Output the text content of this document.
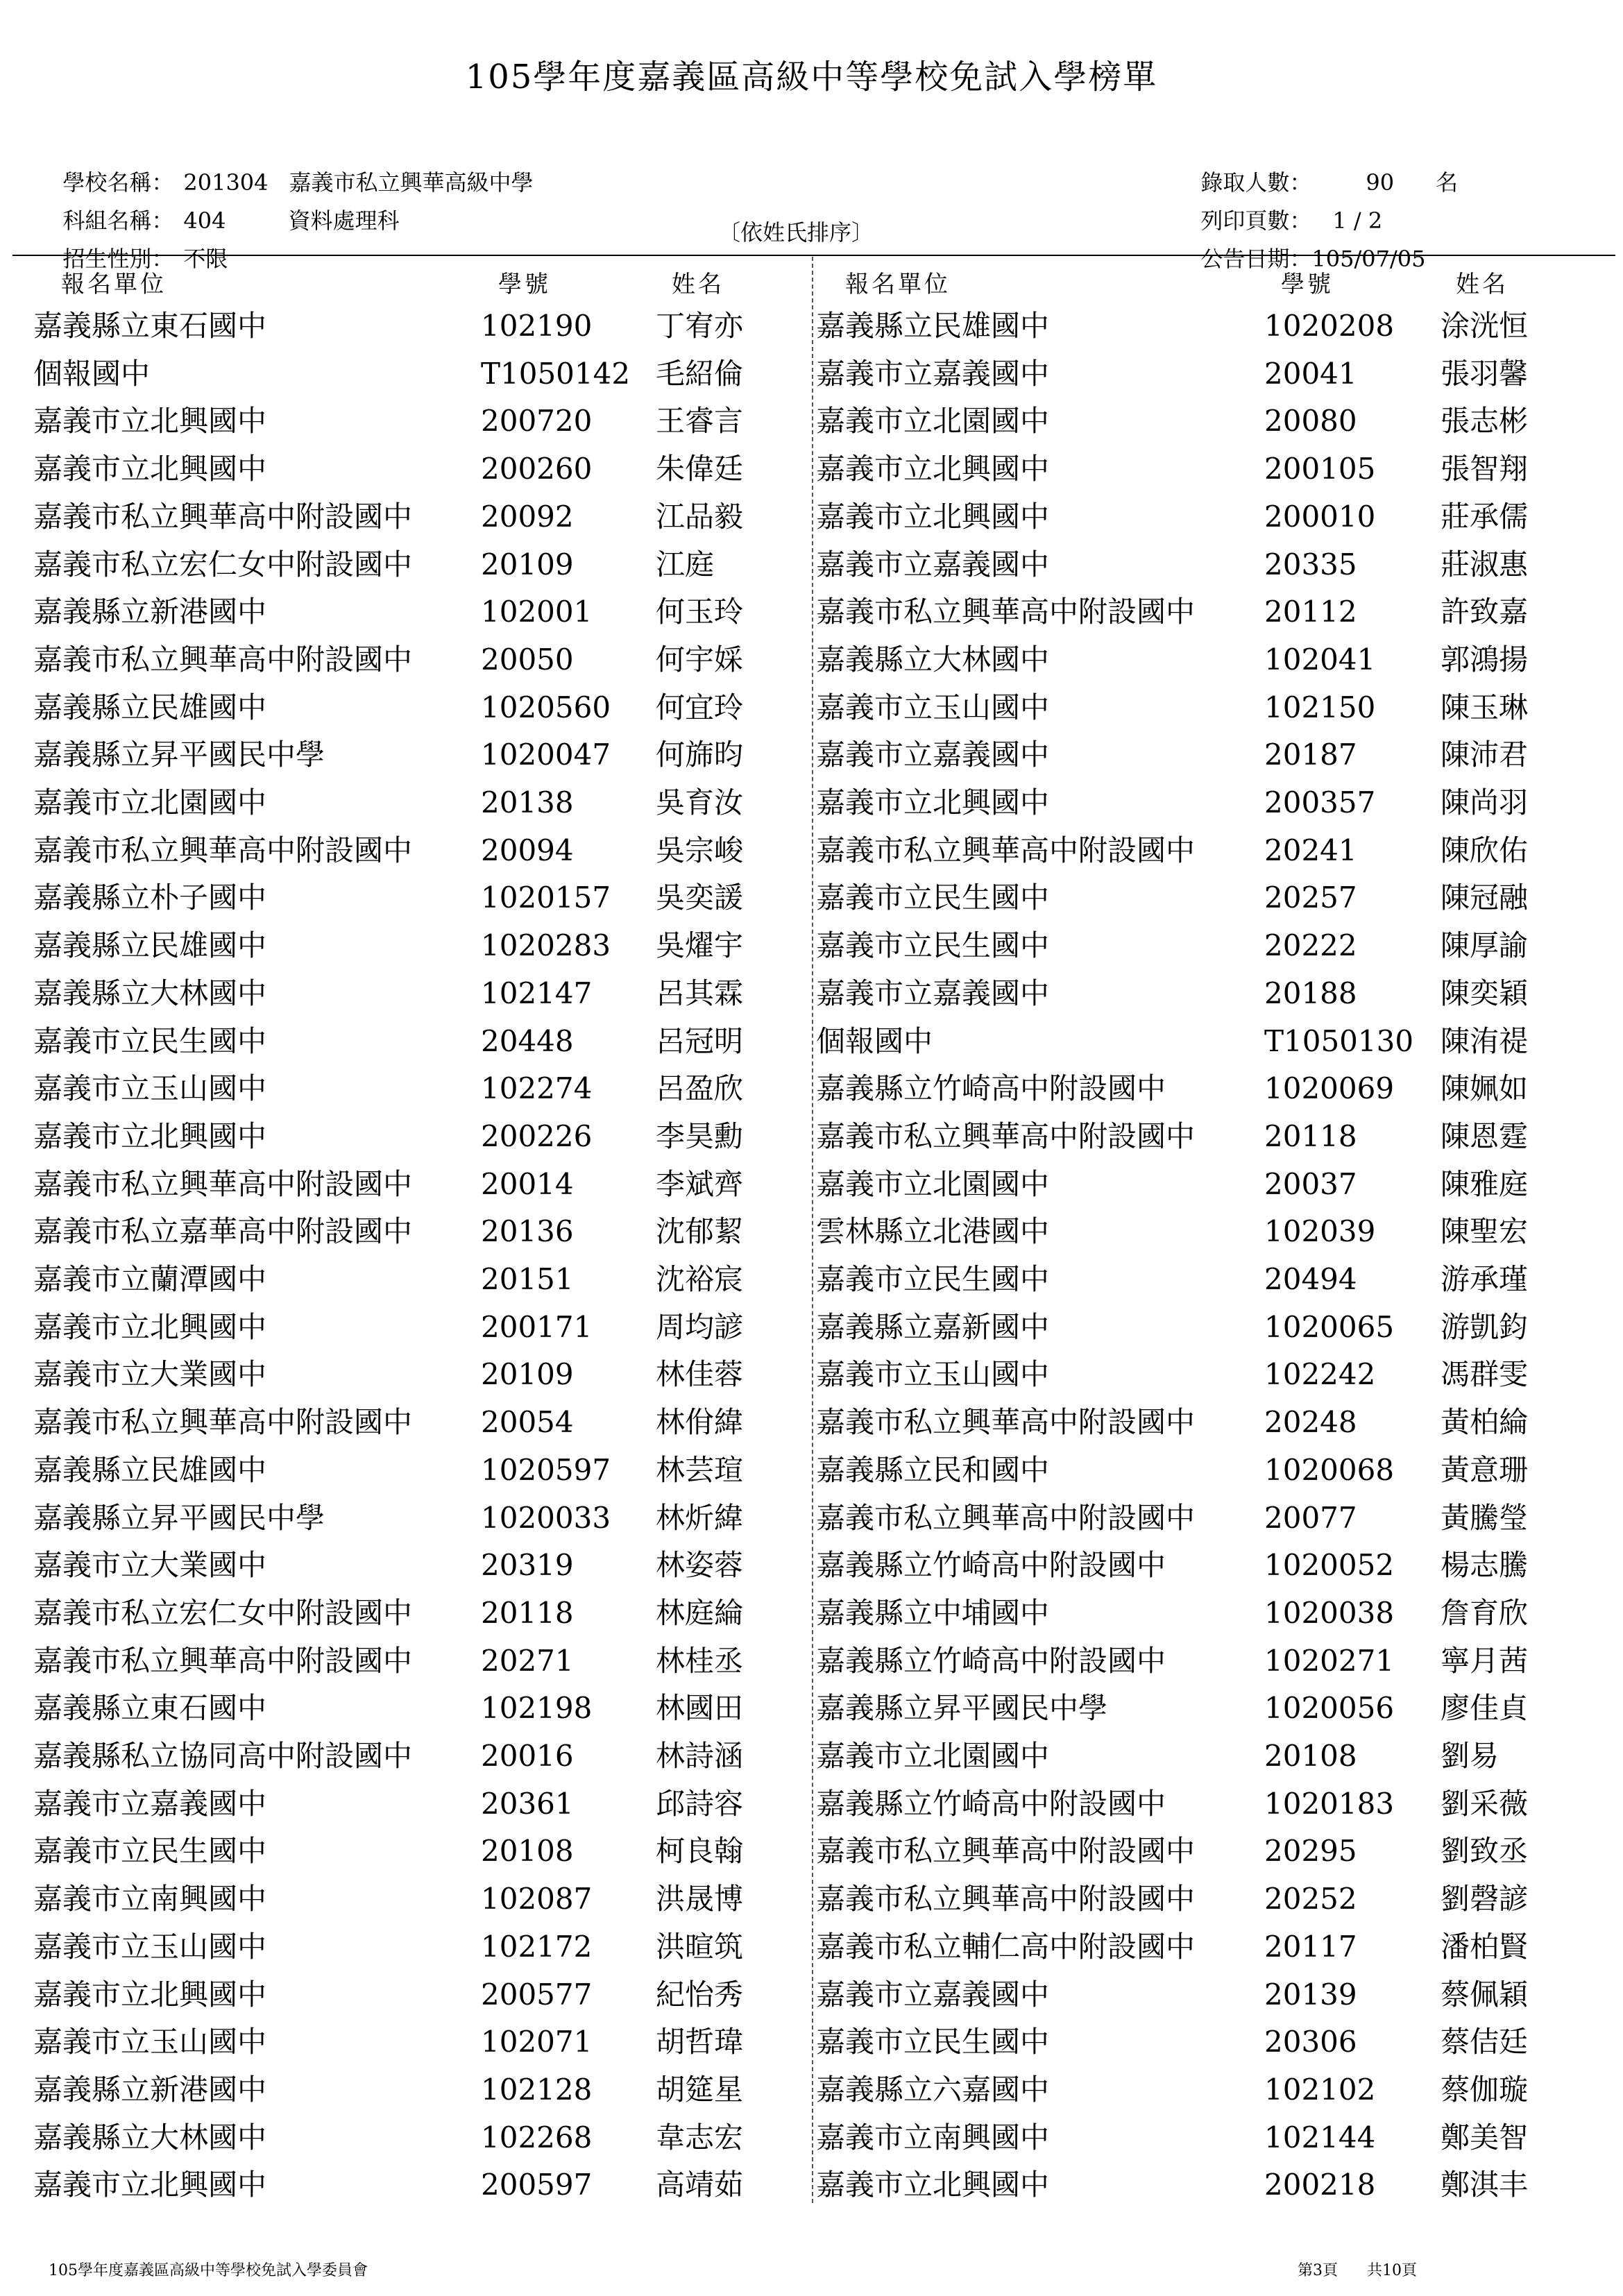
105學年度嘉義區高級中等學校免試入學榜單

學校名稱： 201304 嘉義市私立興華高級中學

科組名稱： 404	資料處理科

招生性別： 不限

〔依姓氏排序〕

錄取人數： 90 名

列印頁數： 1 / 2

公告日期：105/07/05

報名單位	學號	姓名	報名單位	學號	姓名
嘉義縣立東石國中	102190 丁宥亦 嘉義縣立民雄國中	1020208 涂洸恒
個報國中	T1050142 毛紹倫 嘉義市立嘉義國中	20041	張羽馨
嘉義市立北興國中	200720 王睿言 嘉義市立北園國中	20080	張志彬
嘉義市立北興國中	200260 朱偉廷 嘉義市立北興國中	200105 張智翔
嘉義市私立興華高中附設國中 20092	江品毅 嘉義市立北興國中	200010 莊承儒
嘉義市私立宏仁女中附設國中 20109	江庭	嘉義市立嘉義國中	20335	莊淑惠
嘉義縣立新港國中	102001 何玉玲 嘉義市私立興華高中附設國中 20112	許致嘉
嘉義市私立興華高中附設國中 20050	何宇婇 嘉義縣立大林國中	102041 郭鴻揚
嘉義縣立民雄國中	1020560 何宜玲 嘉義市立玉山國中	102150 陳玉琳
嘉義縣立昇平國民中學	1020047 何旆昀 嘉義市立嘉義國中	20187	陳沛君
嘉義市立北園國中	20138	吳育汝 嘉義市立北興國中	200357 陳尚羽
嘉義市私立興華高中附設國中 20094	吳宗峻 嘉義市私立興華高中附設國中 20241	陳欣佑
嘉義縣立朴子國中	1020157 吳奕諼 嘉義市立民生國中	20257	陳冠融
嘉義縣立民雄國中	1020283 吳燿宇 嘉義市立民生國中	20222	陳厚諭
嘉義縣立大林國中	102147 呂其霖 嘉義市立嘉義國中	20188	陳奕穎
嘉義市立民生國中	20448	呂冠明 個報國中	T1050130 陳洧禔
嘉義市立玉山國中	102274 呂盈欣 嘉義縣立竹崎高中附設國中	1020069 陳姵如
嘉義市立北興國中	200226 李昊勳 嘉義市私立興華高中附設國中 20118	陳恩霆
嘉義市私立興華高中附設國中 20014	李斌齊 嘉義市立北園國中	20037	陳雅庭
嘉義市私立嘉華高中附設國中 20136	沈郁絜 雲林縣立北港國中	102039 陳聖宏
嘉義市立蘭潭國中	20151	沈裕宸 嘉義市立民生國中	20494	游承瑾
嘉義市立北興國中	200171 周均諺 嘉義縣立嘉新國中	1020065 游凱鈞
嘉義市立大業國中	20109	林佳蓉 嘉義市立玉山國中	102242 馮群雯
嘉義市私立興華高中附設國中 20054	林佾緯 嘉義市私立興華高中附設國中 20248	黃柏綸
嘉義縣立民雄國中	1020597 林芸瑄 嘉義縣立民和國中	1020068 黃意珊
嘉義縣立昇平國民中學	1020033 林炘緯 嘉義市私立興華高中附設國中 20077	黃騰瑩
嘉義市立大業國中	20319	林姿蓉 嘉義縣立竹崎高中附設國中	1020052 楊志騰
嘉義市私立宏仁女中附設國中 20118	林庭綸 嘉義縣立中埔國中	1020038 詹育欣
嘉義市私立興華高中附設國中 20271	林桂丞 嘉義縣立竹崎高中附設國中	1020271 寧月茜
嘉義縣立東石國中	102198 林國田 嘉義縣立昇平國民中學	1020056 廖佳貞
嘉義縣私立協同高中附設國中 20016	林詩涵 嘉義市立北園國中	20108	劉易
嘉義市立嘉義國中	20361	邱詩容 嘉義縣立竹崎高中附設國中	1020183 劉采薇
嘉義市立民生國中	20108	柯良翰 嘉義市私立興華高中附設國中 20295	劉致丞
嘉義市立南興國中	102087 洪晟博 嘉義市私立興華高中附設國中 20252	劉磬諺
嘉義市立玉山國中	102172 洪暄筑 嘉義市私立輔仁高中附設國中 20117	潘柏賢
嘉義市立北興國中	200577 紀怡秀 嘉義市立嘉義國中	20139	蔡佩穎
嘉義市立玉山國中	102071 胡哲瑋 嘉義市立民生國中	20306	蔡佶廷
嘉義縣立新港國中	102128 胡筵星 嘉義縣立六嘉國中	102102 蔡伽璇
嘉義縣立大林國中	102268 韋志宏 嘉義市立南興國中	102144 鄭美智
嘉義市立北興國中	200597 高靖茹 嘉義市立北興國中	200218 鄭淇丰
105學年度嘉義區高級中等學校免試入學委員會	第3頁 共10頁
